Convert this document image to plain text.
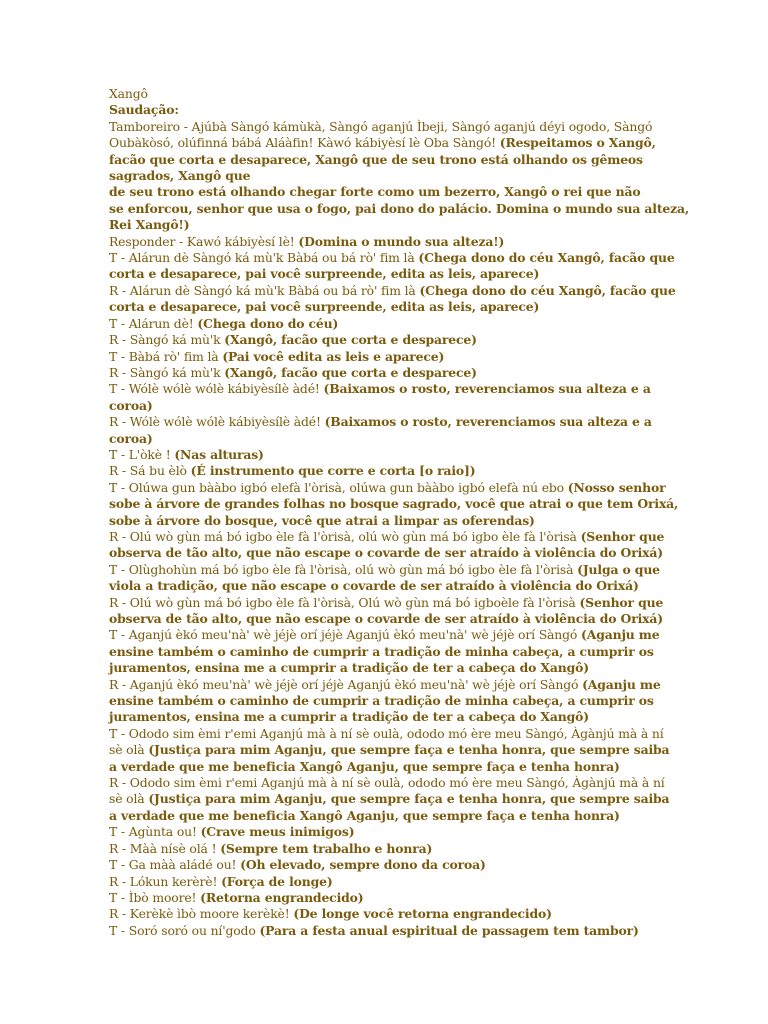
Xangô
Saudação:
Tamboreiro - Ajúbà Sàngó kámùkà, Sàngó aganjú Ìbeji, Sàngó aganjú déyi ogodo, Sàngó
Oubàkòsó, olúfinná bábá Aláàfin! Kàwó kábiyèsí lè Oba Sàngó! (Respeitamos o Xangô,
facão que corta e desaparece, Xangô que de seu trono está olhando os gêmeos
sagrados, Xangô que
de seu trono está olhando chegar forte como um bezerro, Xangô o rei que não
se enforcou, senhor que usa o fogo, pai dono do palácio. Domina o mundo sua alteza,
Rei Xangô!)
Responder - Kawó kábiyèsí lè! (Domina o mundo sua alteza!)
T - Alárun dè Sàngó ká mù'k Bàbá ou bá rò' fim là (Chega dono do céu Xangô, facão que
corta e desaparece, pai você surpreende, edita as leis, aparece)
R - Alárun dè Sàngó ká mù'k Bàbá ou bá rò' fim là (Chega dono do céu Xangô, facão que
corta e desaparece, pai você surpreende, edita as leis, aparece)
T - Alárun dè! (Chega dono do céu)
R - Sàngó ká mù'k (Xangô, facão que corta e desparece)
T - Bàbá rò' fim là (Pai você edita as leis e aparece)
R - Sàngó ká mù'k (Xangô, facão que corta e desparece)
T - Wólè wólè wólè kábiyèsílè àdé! (Baixamos o rosto, reverenciamos sua alteza e a
coroa)
R - Wólè wólè wólè kábiyèsílè àdé! (Baixamos o rosto, reverenciamos sua alteza e a
coroa)
T - L'òkè ! (Nas alturas)
R - Sá bu èlò (É instrumento que corre e corta [o raio])
T - Olúwa gun bààbo igbó elefà l'òrisà, olúwa gun bààbo igbó elefà nú ebo (Nosso senhor
sobe à árvore de grandes folhas no bosque sagrado, você que atrai o que tem Orixá,
sobe à árvore do bosque, você que atrai a limpar as oferendas)
R - Olú wò gùn má bó igbo èle fà l'òrisà, olú wò gùn má bó igbo èle fà l'òrisà (Senhor que
observa de tão alto, que não escape o covarde de ser atraído à violência do Orixá)
T - Olùghohùn má bó igbo èle fà l'òrisà, olú wò gùn má bó igbo èle fà l'òrisà (Julga o que
viola a tradição, que não escape o covarde de ser atraído à violência do Orixá)
R - Olú wò gùn má bó igbo èle fà l'òrisà, Olú wò gùn má bó igboèle fà l'òrisà (Senhor que
observa de tão alto, que não escape o covarde de ser atraído à violência do Orixá)
T - Aganjú èkó meu'nà' wè jéjè orí jéjè Aganjú èkó meu'nà' wè jéjè orí Sàngó (Aganju me
ensine também o caminho de cumprir a tradição de minha cabeça, a cumprir os
juramentos, ensina me a cumprir a tradição de ter a cabeça do Xangô)
R - Aganjú èkó meu'nà' wè jéjè orí jéjè Aganjú èkó meu'nà' wè jéjè orí Sàngó (Aganju me
ensine também o caminho de cumprir a tradição de minha cabeça, a cumprir os
juramentos, ensina me a cumprir a tradição de ter a cabeça do Xangô)
T - Ododo sim èmi r'emi Aganjú mà à ní sè oulà, ododo mó ère meu Sàngó, Àgànjú mà à ní
sè olà (Justiça para mim Aganju, que sempre faça e tenha honra, que sempre saiba
a verdade que me beneficia Xangô Aganju, que sempre faça e tenha honra)
R - Ododo sim èmi r'emi Aganjú mà à ní sè oulà, ododo mó ère meu Sàngó, Àgànjú mà à ní
sè olà (Justiça para mim Aganju, que sempre faça e tenha honra, que sempre saiba
a verdade que me beneficia Xangô Aganju, que sempre faça e tenha honra)
T - Agùnta ou! (Crave meus inimigos)
R - Màà nísè olá ! (Sempre tem trabalho e honra)
T - Ga màà aládé ou! (Oh elevado, sempre dono da coroa)
R - Lókun kerèrè! (Força de longe)
T - Ìbò moore! (Retorna engrandecido)
R - Kerèkè ìbò moore kerèkè! (De longe você retorna engrandecido)
T - Soró soró ou ní'godo (Para a festa anual espiritual de passagem tem tambor)
